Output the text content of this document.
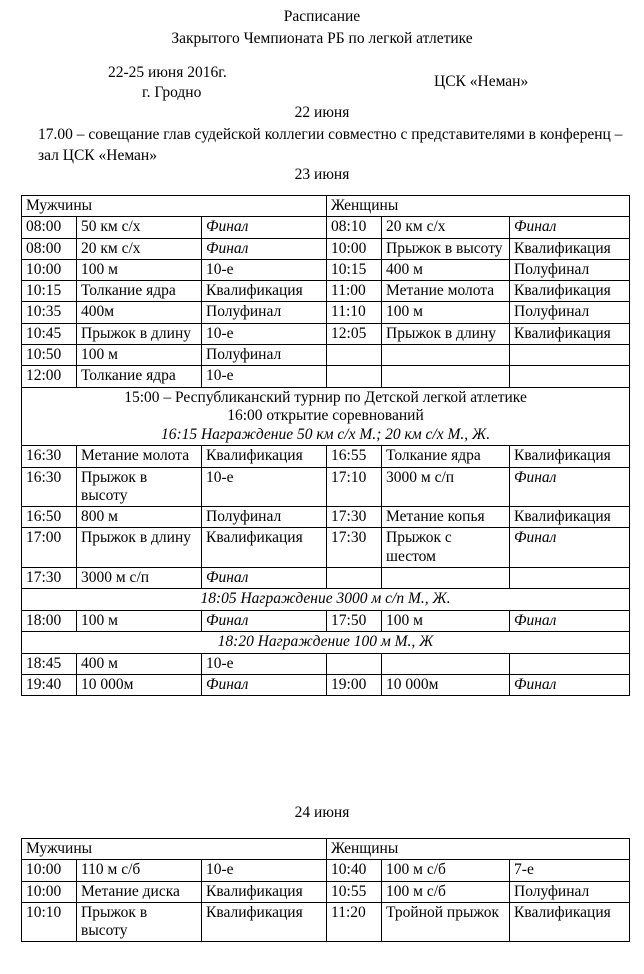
Расписание
Закрытого Чемпионата РБ по легкой атлетике
22-25 июня 2016г.
г. Гродно
ЦСК «Неман»
22 июня
17.00 – совещание глав судейской коллегии совместно с представителями в конференц – зал ЦСК «Неман»
23 июня
Мужчины			Женщины		
08:00	50 км с/х	Финал	08:10	20 км с/х	Финал
08:00	20 км с/х	Финал	10:00	Прыжок в высоту	Квалификация
10:00	100 м	10-е	10:15	400 м	Полуфинал
10:15	Толкание ядра	Квалификация	11:00	Метание молота	Квалификация
10:35	400м	Полуфинал	11:10	100 м	Полуфинал
10:45	Прыжок в длину	10-е	12:05	Прыжок в длину	Квалификация
10:50	100 м	Полуфинал			
12:00	Толкание ядра	10-е			

15:00 – Республиканский турнир по Детской легкой атлетике
16:00 открытие соревнований
16:15 Награждение 50 км с/х М.; 20 км с/х М., Ж.					

16:30	Метание молота	Квалификация	16:55	Толкание ядра	Квалификация
16:30	Прыжок в высоту	10-е	17:10	3000 м с/п	Финал
16:50	800 м	Полуфинал	17:30	Метание копья	Квалификация
17:00	Прыжок в длину	Квалификация	17:30	Прыжок с шестом	Финал
17:30	3000 м с/п	Финал			
18:05 Награждение 3000 м с/п М., Ж.					
18:00	100 м	Финал	17:50	100 м	Финал
18:20 Награждение 100 м М., Ж					
18:45	400 м	10-е			
19:40	10 000м	Финал	19:00	10 000м	Финал
24 июня
Мужчины			Женщины		
10:00	110 м с/б	10-е	10:40	100 м с/б	7-е
10:00	Метание диска	Квалификация	10:55	100 м с/б	Полуфинал
10:10	Прыжок в высоту	Квалификация	11:20	Тройной прыжок	Квалификация
